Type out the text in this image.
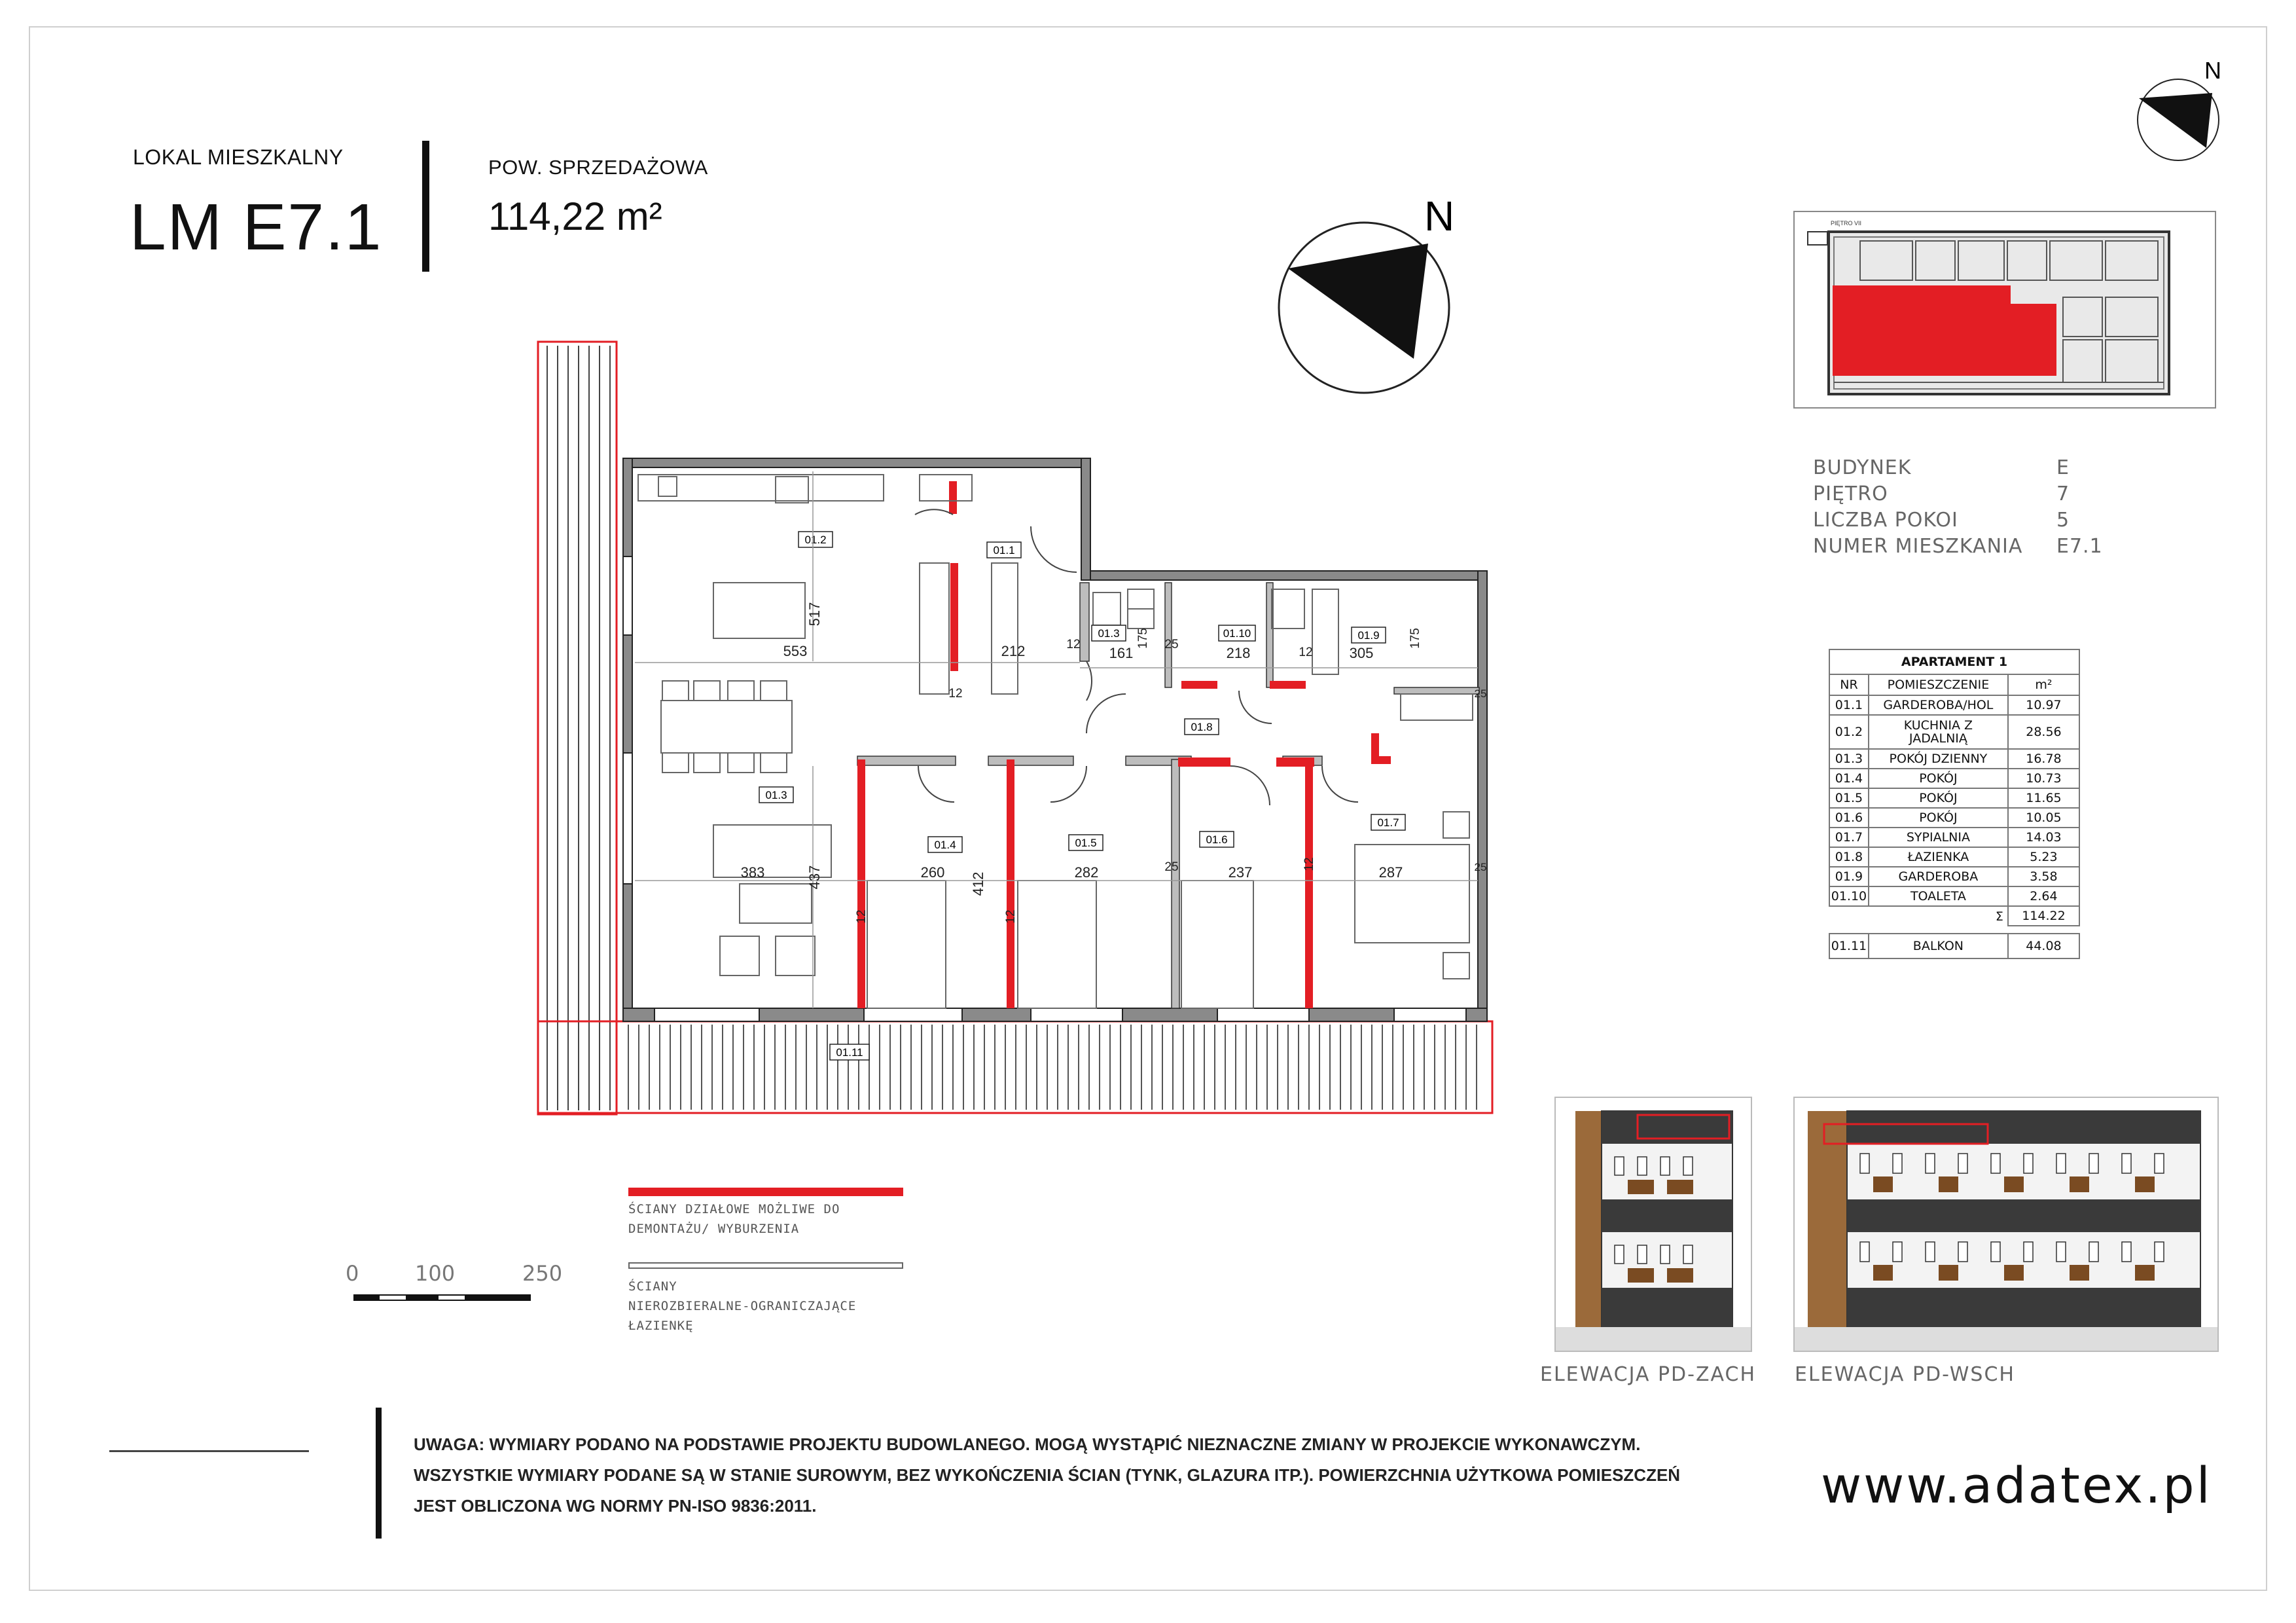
LOKAL MIESZKALNY
LM E7.1
POW. SPRZEDAŻOWA
114,22 m²
N
N	PIĘTRO VII
BUDYNEK	E
PIĘTRO	7
LICZBA POKOI	5
NUMER MIESZKANIA E7.1
APARTAMENT 1		
NR	POMIESZCZENIE	m²
01.1	GARDEROBA/HOL	10.97
01.2	KUCHNIA Z JADALNIĄ	28.56
01.3	POKÓJ DZIENNY	16.78
01.4	POKÓJ	10.73
01.5	POKÓJ	11.65
01.6	POKÓJ	10.05
01.7	SYPIALNIA	14.03
01.8	ŁAZIENKA	5.23
01.9	GARDEROBA	3.58
01.10	TOALETA	2.64
	Σ	114.22

01.11	BALKON	44.08
01.2
01.1
01.3	01.10	01.9
01.8
01.3
01.4	01.5	01.6
01.7
01.11
517
553	212	12
161
175 25
218	305
175
25
12
12
383	437	260 412	282	25	237	287	25
12	12
12
ŚCIANY DZIAŁOWE MOŻLIWE DO
DEMONTAŻU/ WYBURZENIA
ŚCIANY
NIEROZBIERALNE-OGRANICZAJĄCE
ŁAZIENKĘ
0	100	250
ELEWACJA PD-ZACH ELEWACJA PD-WSCH
UWAGA: WYMIARY PODANO NA PODSTAWIE PROJEKTU BUDOWLANEGO. MOGĄ WYSTĄPIĆ NIEZNACZNE ZMIANY W PROJEKCIE WYKONAWCZYM.
WSZYSTKIE WYMIARY PODANE SĄ W STANIE SUROWYM, BEZ WYKOŃCZENIA ŚCIAN (TYNK, GLAZURA ITP.). POWIERZCHNIA UŻYTKOWA POMIESZCZEŃ
JEST OBLICZONA WG NORMY PN-ISO 9836:2011.	www.adatex.pl
